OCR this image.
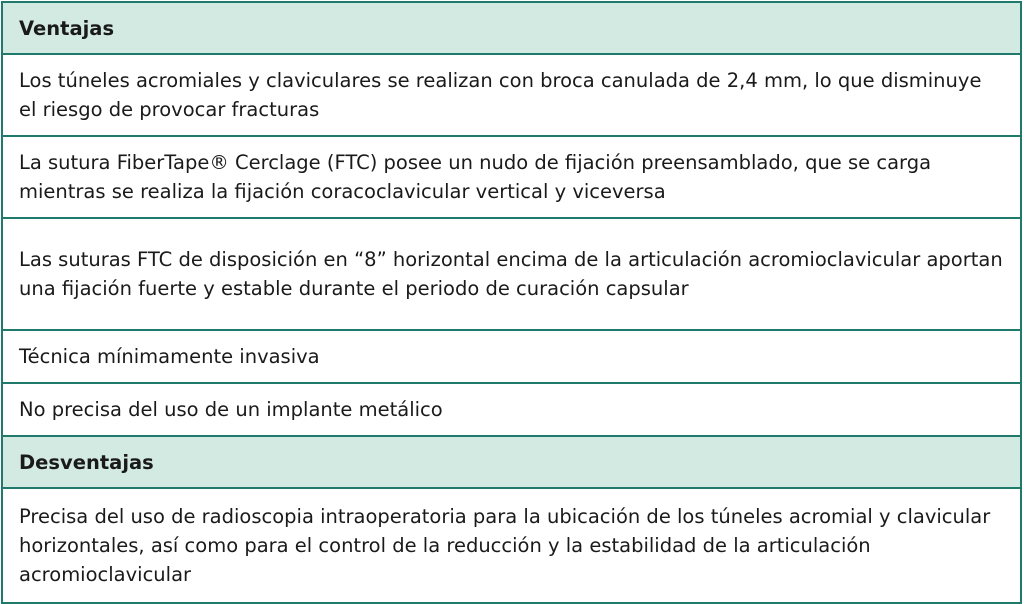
Ventajas
Los túneles acromiales y claviculares se realizan con broca canulada de 2,4 mm, lo que disminuye el riesgo de provocar fracturas
La sutura FiberTape® Cerclage (FTC) posee un nudo de fijación preensamblado, que se carga mientras se realiza la fijación coracoclavicular vertical y viceversa
Las suturas FTC de disposición en “8” horizontal encima de la articulación acromioclavicular aportan una fijación fuerte y estable durante el periodo de curación capsular
Técnica mínimamente invasiva
No precisa del uso de un implante metálico
Desventajas
Precisa del uso de radioscopia intraoperatoria para la ubicación de los túneles acromial y clavicular horizontales, así como para el control de la reducción y la estabilidad de la articulación acromioclavicular
